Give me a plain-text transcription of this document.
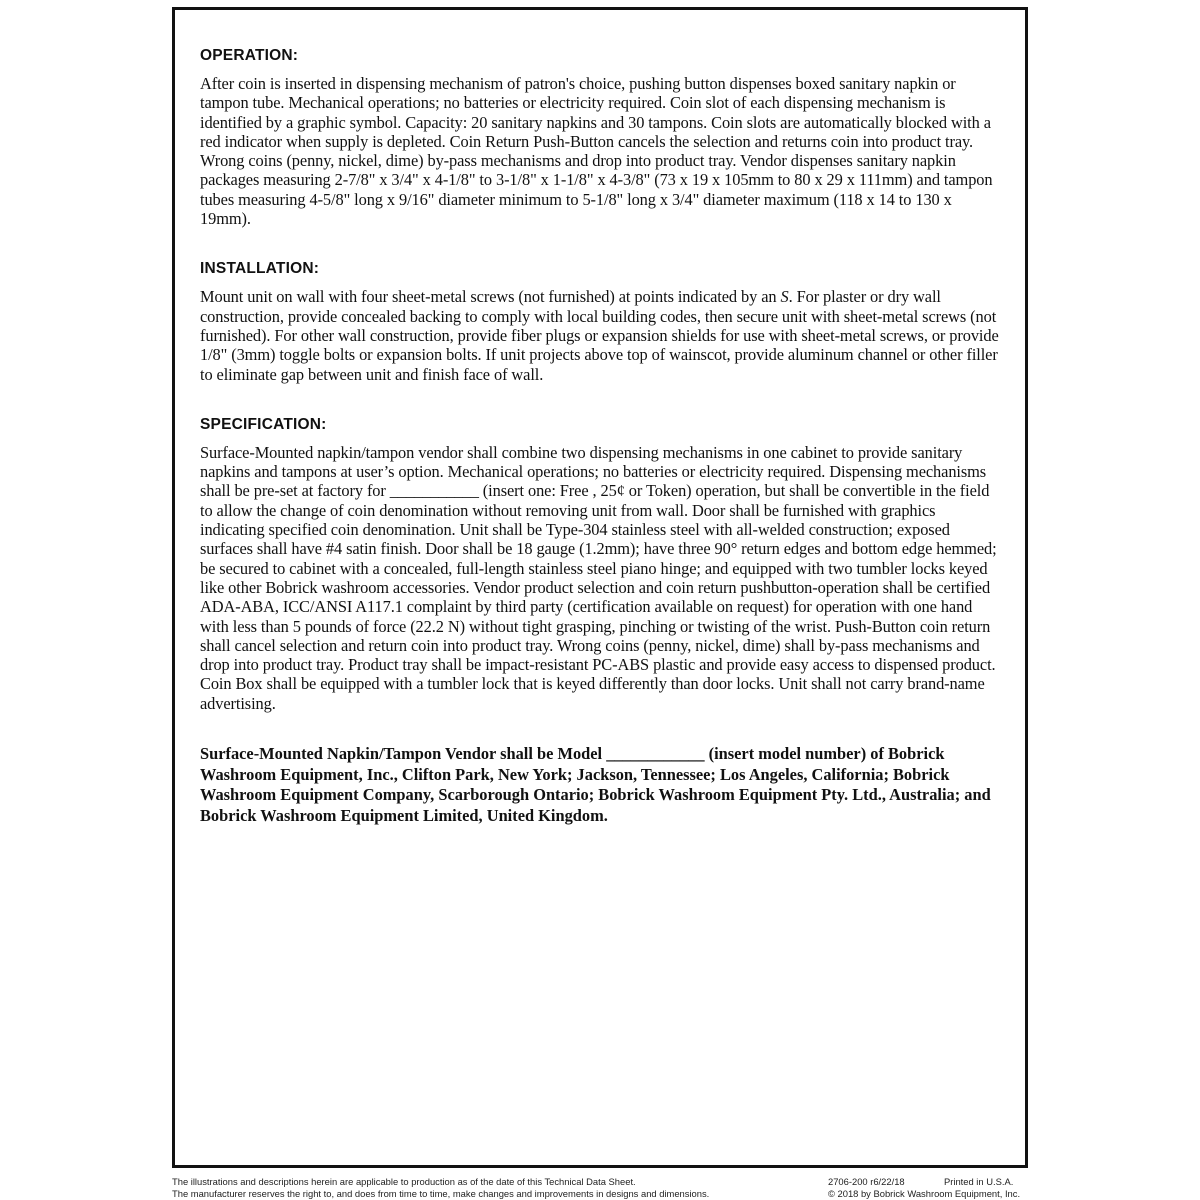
OPERATION:

After coin is inserted in dispensing mechanism of patron's choice, pushing button dispenses boxed sanitary napkin or tampon tube. Mechanical operations; no batteries or electricity required. Coin slot of each dispensing mechanism is identified by a graphic symbol. Capacity: 20 sanitary napkins and 30 tampons. Coin slots are automatically blocked with a red indicator when supply is depleted. Coin Return Push-Button cancels the selection and returns coin into product tray. Wrong coins (penny, nickel, dime) by-pass mechanisms and drop into product tray. Vendor dispenses sanitary napkin packages measuring 2-7/8" x 3/4" x 4-1/8" to 3-1/8" x 1-1/8" x 4-3/8" (73 x 19 x 105mm to 80 x 29 x 111mm) and tampon tubes measuring 4-5/8" long x 9/16" diameter minimum to 5-1/8" long x 3/4" diameter maximum (118 x 14 to 130 x 19mm).

INSTALLATION:

Mount unit on wall with four sheet-metal screws (not furnished) at points indicated by an S. For plaster or dry wall construction, provide concealed backing to comply with local building codes, then secure unit with sheet-metal screws (not furnished). For other wall construction, provide fiber plugs or expansion shields for use with sheet-metal screws, or provide 1/8" (3mm) toggle bolts or expansion bolts. If unit projects above top of wainscot, provide aluminum channel or other filler to eliminate gap between unit and finish face of wall.

SPECIFICATION:

Surface-Mounted napkin/tampon vendor shall combine two dispensing mechanisms in one cabinet to provide sanitary napkins and tampons at user’s option. Mechanical operations; no batteries or electricity required. Dispensing mechanisms shall be pre-set at factory for ___________ (insert one: Free , 25¢ or Token) operation, but shall be convertible in the field to allow the change of coin denomination without removing unit from wall. Door shall be furnished with graphics indicating specified coin denomination. Unit shall be Type-304 stainless steel with all-welded construction; exposed surfaces shall have #4 satin finish. Door shall be 18 gauge (1.2mm); have three 90° return edges and bottom edge hemmed; be secured to cabinet with a concealed, full-length stainless steel piano hinge; and equipped with two tumbler locks keyed like other Bobrick washroom accessories. Vendor product selection and coin return pushbutton-operation shall be certified ADA-ABA, ICC/ANSI A117.1 complaint by third party (certification available on request) for operation with one hand with less than 5 pounds of force (22.2 N) without tight grasping, pinching or twisting of the wrist. Push-Button coin return shall cancel selection and return coin into product tray. Wrong coins (penny, nickel, dime) shall by-pass mechanisms and drop into product tray. Product tray shall be impact-resistant PC-ABS plastic and provide easy access to dispensed product. Coin Box shall be equipped with a tumbler lock that is keyed differently than door locks. Unit shall not carry brand-name advertising.

Surface-Mounted Napkin/Tampon Vendor shall be Model ____________ (insert model number) of Bobrick Washroom Equipment, Inc., Clifton Park, New York; Jackson, Tennessee; Los Angeles, California; Bobrick Washroom Equipment Company, Scarborough Ontario; Bobrick Washroom Equipment Pty. Ltd., Australia; and Bobrick Washroom Equipment Limited, United Kingdom.

The illustrations and descriptions herein are applicable to production as of the date of this Technical Data Sheet.
The manufacturer reserves the right to, and does from time to time, make changes and improvements in designs and dimensions.
2706-200 r6/22/18	Printed in U.S.A.
© 2018 by Bobrick Washroom Equipment, Inc.
